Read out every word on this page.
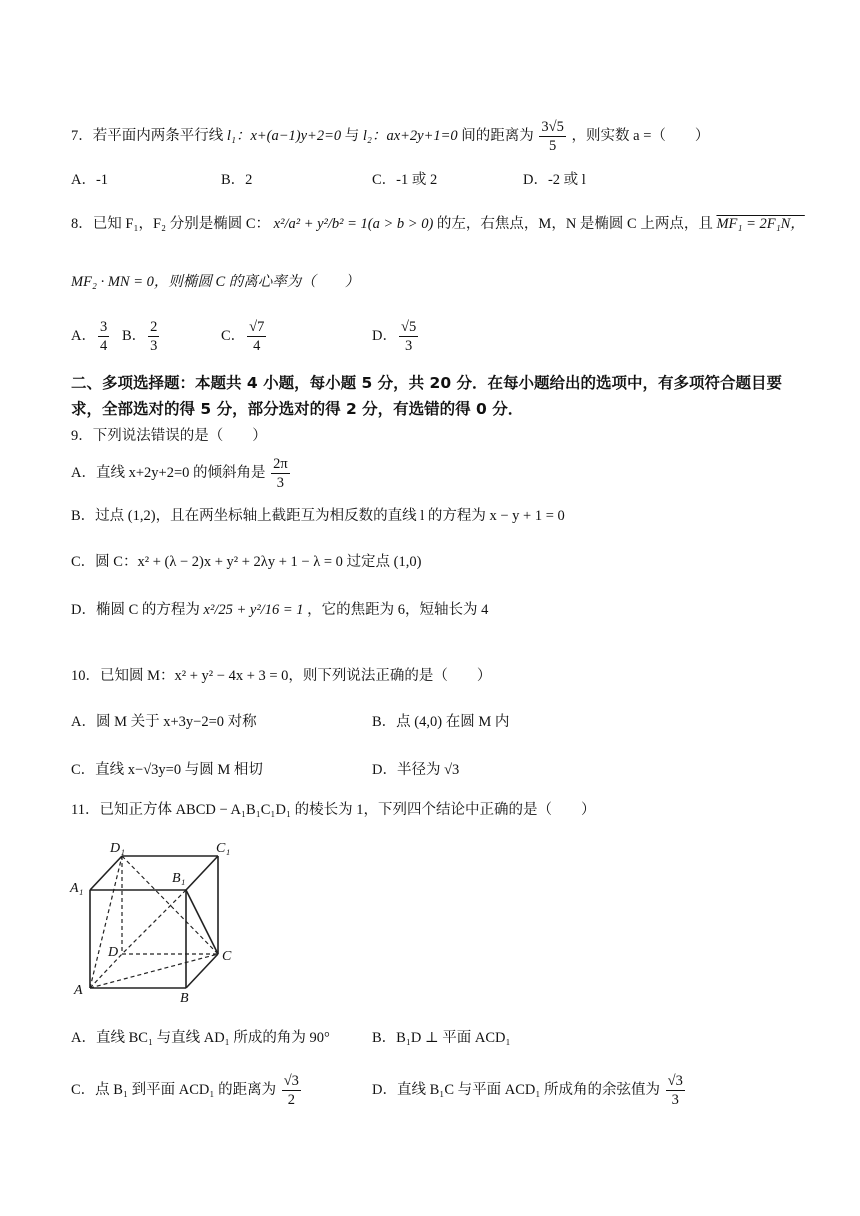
7．若平面内两条平行线 l₁：x+(a−1)y+2=0 与 l₂：ax+2y+1=0 间的距离为 $\frac{3√5}{5}$ ，则实数 a =（　　）
A．-1	B．2	C．-1 或 2	D．-2 或 l
8．已知 F₁，F₂ 分别是椭圆 C： x²/a² + y²/b² = 1(a > b > 0) 的左，右焦点，M，N 是椭圆 C 上两点，且 MF₁ = 2F₁N，
MF₂ · MN = 0，则椭圆 C 的离心率为（　　）
A． $\frac{3}{4}$ B． $\frac{2}{3}$	C． $\frac{√7}{4}$	D． $\frac{√5}{3}$
二、多项选择题：本题共 4 小题，每小题 5 分，共 20 分．在每小题给出的选项中，有多项符合题目要求，全部选对的得 5 分，部分选对的得 2 分，有选错的得 0 分．
9．下列说法错误的是（　　）
A．直线 x+2y+2=0 的倾斜角是 $\frac{2\pi}{3}$
B．过点 (1,2)，且在两坐标轴上截距互为相反数的直线 l 的方程为 x − y + 1 = 0
C．圆 C：x² + (λ − 2)x + y² + 2λy + 1 − λ = 0 过定点 (1,0)
D．椭圆 C 的方程为 x²/25 + y²/16 = 1 ，它的焦距为 6，短轴长为 4
10．已知圆 M：x² + y² − 4x + 3 = 0，则下列说法正确的是（　　）
A．圆 M 关于 x+3y−2=0 对称	B．点 (4,0) 在圆 M 内
C．直线 x−√3y=0 与圆 M 相切	D．半径为 √3
11．已知正方体 ABCD − A₁B₁C₁D₁ 的棱长为 1，下列四个结论中正确的是（　　）
D₁	C₁
A₁
B₁
D	C
A
B
A．直线 BC₁ 与直线 AD₁ 所成的角为 90°	B．B₁D ⊥ 平面 ACD₁
C．点 B₁ 到平面 ACD₁ 的距离为 $\frac{√3}{2}$	D．直线 B₁C 与平面 ACD₁ 所成角的余弦值为 $\frac{√3}{3}$
